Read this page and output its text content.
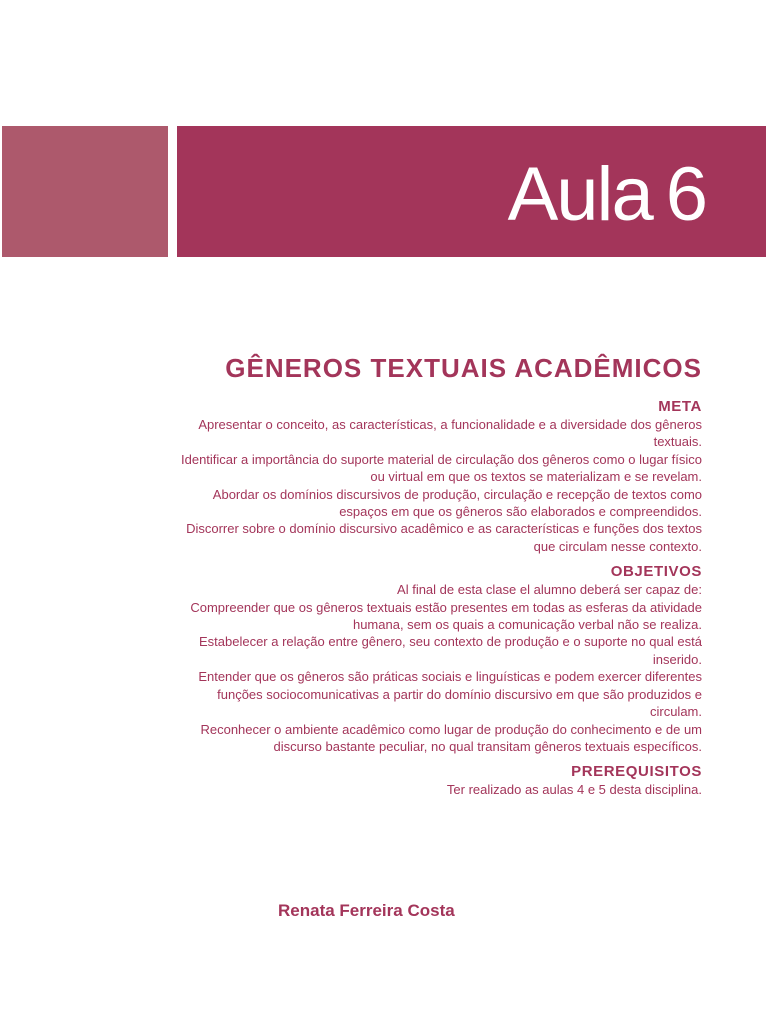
Aula 6
GÊNEROS TEXTUAIS ACADÊMICOS
META

Apresentar o conceito, as características, a funcionalidade e a diversidade dos gêneros

textuais.

Identificar a importância do suporte material de circulação dos gêneros como o lugar físico

ou virtual em que os textos se materializam e se revelam.

Abordar os domínios discursivos de produção, circulação e recepção de textos como

espaços em que os gêneros são elaborados e compreendidos.

Discorrer sobre o domínio discursivo acadêmico e as características e funções dos textos

que circulam nesse contexto.

OBJETIVOS

Al final de esta clase el alumno deberá ser capaz de:

Compreender que os gêneros textuais estão presentes em todas as esferas da atividade

humana, sem os quais a comunicação verbal não se realiza.

Estabelecer a relação entre gênero, seu contexto de produção e o suporte no qual está

inserido.

Entender que os gêneros são práticas sociais e linguísticas e podem exercer diferentes

funções sociocomunicativas a partir do domínio discursivo em que são produzidos e

circulam.

Reconhecer o ambiente acadêmico como lugar de produção do conhecimento e de um

discurso bastante peculiar, no qual transitam gêneros textuais específicos.

PREREQUISITOS

Ter realizado as aulas 4 e 5 desta disciplina.

Renata Ferreira Costa
